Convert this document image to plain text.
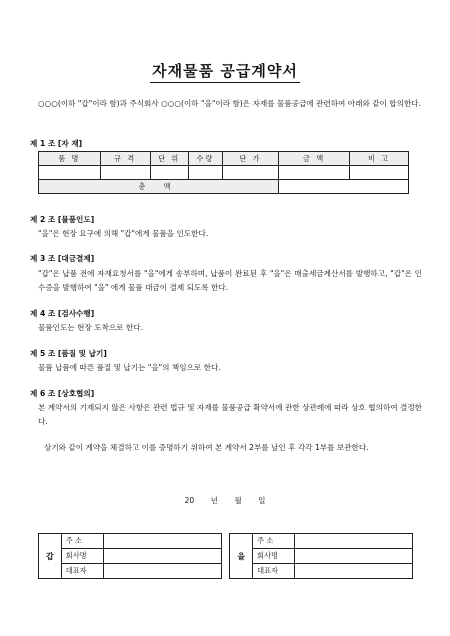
자재물품 공급계약서
○○○(이하 "갑"이라 함)과 주식회사 ○○○(이하 "을"이라 함)은 자재를 물품공급에 관련하여 아래와 같이 합의한다.
제 1 조 [자 재]
품 명	규 격	단 위	수량	단 가	금 액	비 고

총 액						
제 2 조 [물품인도]
"을"은 현장 요구에 의해 "갑"에게 물품을 인도한다.
제 3 조 [대금결제]
"갑"은 납품 전에 자재요청서를 "을"에게 송부하며, 납품이 완료된 후 "을"은 매출세금계산서를 발행하고, "갑"은 인수증을 발행하여 "을" 에게 물품 대금이 결제 되도록 한다.
제 4 조 [검사수행]
물품인도는 현장 도착으로 한다.
제 5 조 [품질 및 납기]
물품 납품에 따른 품질 및 납기는 "을"의 책임으로 한다.
제 6 조 [상호협의]
본 계약서의 기재되지 않은 사항은 관련 법규 및 자재를 물품공급 확약서에 관한 상관례에 따라 상호 협의하여 결정한다.
상기와 같이 계약을 체결하고 이를 증명하기 위하여 본 계약서 2부를 날인 후 각각 1부를 보관한다.
20 년 월 일
갑	주 소			을	주 소	
	회사명				회사명	
	대표자				대표자	
